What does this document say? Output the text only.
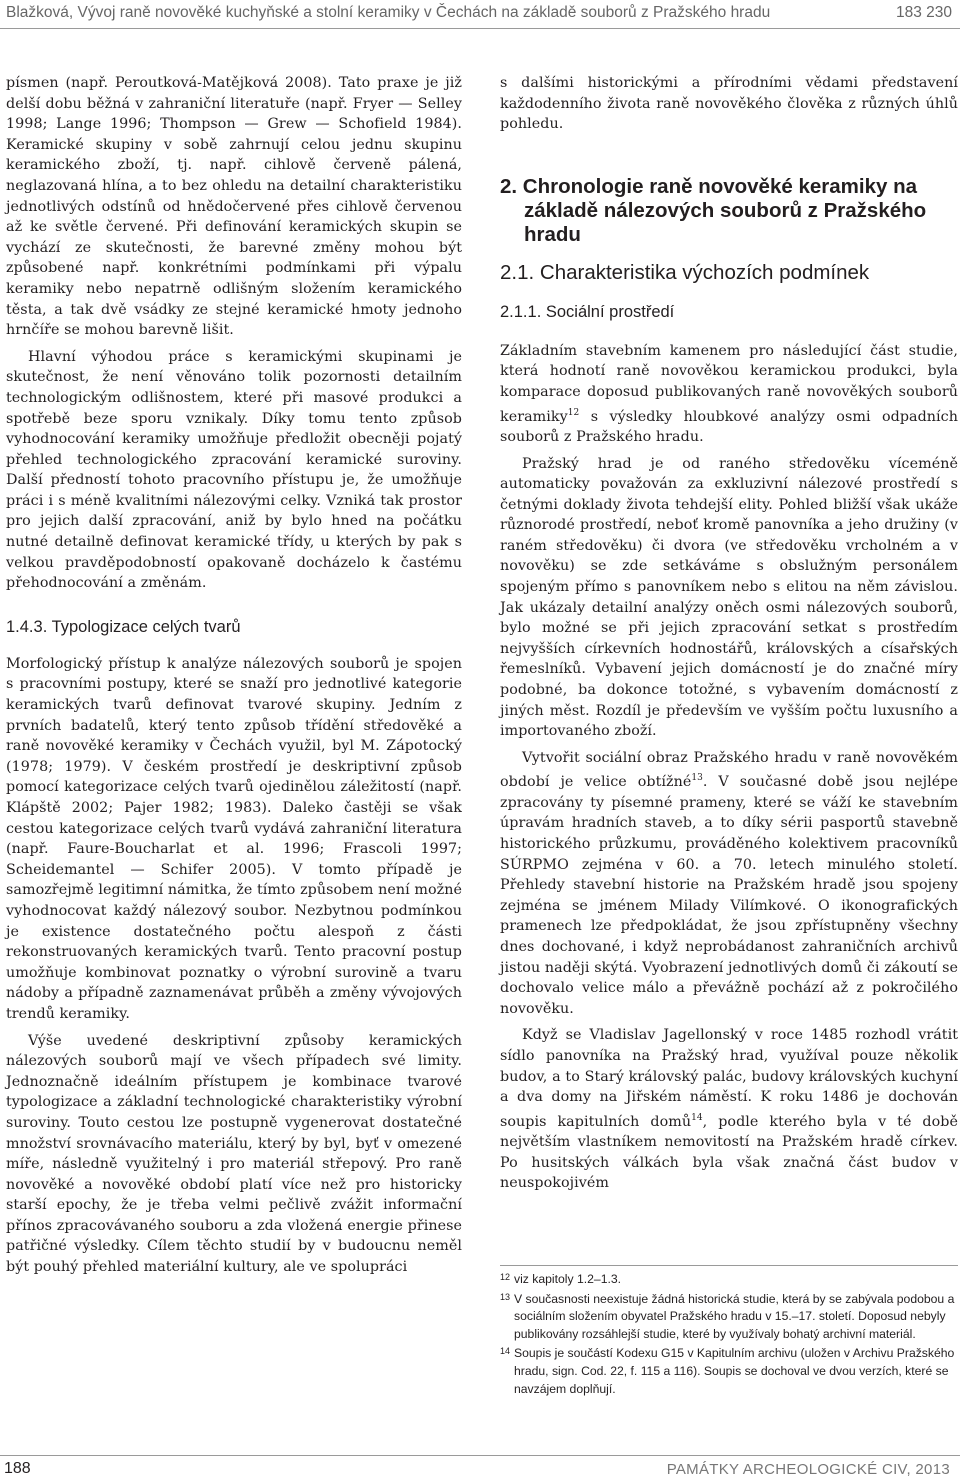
Blažková, Vývoj raně novověké kuchyňské a stolní keramiky v Čechách na základě souborů z Pražského hradu	183 230

písmen (např. Peroutková-Matějková 2008). Tato praxe je již delší dobu běžná v zahraniční literatuře (např. Fryer — Selley 1998; Lange 1996; Thompson — Grew — Schofield 1984). Keramické skupiny v sobě zahrnují celou jednu skupinu keramického zboží, tj. např. cihlově červeně pálená, neglazovaná hlína, a to bez ohledu na detailní charakteristiku jednotlivých odstínů od hnědočervené přes cihlově červenou až ke světle červené. Při definování keramických skupin se vychází ze skutečnosti, že barevné změny mohou být způsobené např. konkrétními podmínkami při výpalu keramiky nebo nepatrně odlišným složením keramického těsta, a tak dvě vsádky ze stejné keramické hmoty jednoho hrnčíře se mohou barevně lišit.

Hlavní výhodou práce s keramickými skupinami je skutečnost, že není věnováno tolik pozornosti detailním technologickým odlišnostem, které při masové produkci a spotřebě beze sporu vznikaly. Díky tomu tento způsob vyhodnocování keramiky umožňuje předložit obecněji pojatý přehled technologického zpracování keramické suroviny. Další předností tohoto pracovního přístupu je, že umožňuje práci i s méně kvalitními nálezovými celky. Vzniká tak prostor pro jejich další zpracování, aniž by bylo hned na počátku nutné detailně definovat keramické třídy, u kterých by pak s velkou pravděpodobností opakovaně docházelo k častému přehodnocování a změnám.

1.4.3. Typologizace celých tvarů

Morfologický přístup k analýze nálezových souborů je spojen s pracovními postupy, které se snaží pro jednotlivé kategorie keramických tvarů definovat tvarové skupiny. Jedním z prvních badatelů, který tento způsob třídění středověké a raně novověké keramiky v Čechách využil, byl M. Zápotocký (1978; 1979). V českém prostředí je deskriptivní způsob pomocí kategorizace celých tvarů ojedinělou záležitostí (např. Klápště 2002; Pajer 1982; 1983). Daleko častěji se však cestou kategorizace celých tvarů vydává zahraniční literatura (např. Faure-Boucharlat et al. 1996; Frascoli 1997; Scheidemantel — Schifer 2005). V tomto případě je samozřejmě legitimní námitka, že tímto způsobem není možné vyhodnocovat každý nálezový soubor. Nezbytnou podmínkou je existence dostatečného počtu alespoň z části rekonstruovaných keramických tvarů. Tento pracovní postup umožňuje kombinovat poznatky o výrobní surovině a tvaru nádoby a případně zaznamenávat průběh a změny vývojových trendů keramiky.

Výše uvedené deskriptivní způsoby keramických nálezových souborů mají ve všech případech své limity. Jednoznačně ideálním přístupem je kombinace tvarové typologizace a základní technologické charakteristiky výrobní suroviny. Touto cestou lze postupně vygenerovat dostatečné množství srovnávacího materiálu, který by byl, byť v omezené míře, následně využitelný i pro materiál střepový. Pro raně novověké a novověké období platí více než pro historicky starší epochy, že je třeba velmi pečlivě zvážit informační přínos zpracovávaného souboru a zda vložená energie přinese patřičné výsledky. Cílem těchto studií by v budoucnu neměl být pouhý přehled materiální kultury, ale ve spolupráci

s dalšími historickými a přírodními vědami představení každodenního života raně novověkého člověka z různých úhlů pohledu.

2. Chronologie raně novověké keramiky na základě nálezových souborů z Pražského hradu
2.1. Charakteristika výchozích podmínek
2.1.1. Sociální prostředí

Základním stavebním kamenem pro následující část studie, která hodnotí raně novověkou keramickou produkci, byla komparace doposud publikovaných raně novověkých souborů keramiky$^{12}$ s výsledky hloubkové analýzy osmi odpadních souborů z Pražského hradu.

Pražský hrad je od raného středověku víceméně automaticky považován za exkluzivní nálezové prostředí s četnými doklady života tehdejší elity. Pohled bližší však ukáže různorodé prostředí, neboť kromě panovníka a jeho družiny (v raném středověku) či dvora (ve středověku vrcholném a v novověku) se zde setkáváme s obslužným personálem spojeným přímo s panovníkem nebo s elitou na něm závislou. Jak ukázaly detailní analýzy oněch osmi nálezových souborů, bylo možné se při jejich zpracování setkat s prostředím nejvyšších církevních hodnostářů, královských a císařských řemeslníků. Vybavení jejich domácností je do značné míry podobné, ba dokonce totožné, s vybavením domácností z jiných měst. Rozdíl je především ve vyšším počtu luxusního a importovaného zboží.

Vytvořit sociální obraz Pražského hradu v raně novověkém období je velice obtížné$^{13}$. V současné době jsou nejlépe zpracovány ty písemné prameny, které se váží ke stavebním úpravám hradních staveb, a to díky sérii pasportů stavebně historického průzkumu, prováděného kolektivem pracovníků SÚRPMO zejména v 60. a 70. letech minulého století. Přehledy stavební historie na Pražském hradě jsou spojeny zejména se jménem Milady Vilímkové. O ikonografických pramenech lze předpokládat, že jsou zpřístupněny všechny dnes dochované, i když neprobádanost zahraničních archivů jistou naději skýtá. Vyobrazení jednotlivých domů či zákoutí se dochovalo velice málo a převážně pochází až z pokročilého novověku.

Když se Vladislav Jagellonský v roce 1485 rozhodl vrátit sídlo panovníka na Pražský hrad, využíval pouze několik budov, a to Starý královský palác, budovy královských kuchyní a dva domy na Jiřském náměstí. K roku 1486 je dochován soupis kapitulních domů$^{14}$, podle kterého byla v té době největším vlastníkem nemovitostí na Pražském hradě církev. Po husitských válkách byla však značná část budov v neuspokojivém

12 viz kapitoly 1.2–1.3.
13 V současnosti neexistuje žádná historická studie, která by se zabývala podobou a sociálním složením obyvatel Pražského hradu v 15.–17. století. Doposud nebyly publikovány rozsáhlejší studie, které by využívaly bohatý archivní materiál.
14 Soupis je součástí Kodexu G15 v Kapitulním archivu (uložen v Archivu Pražského hradu, sign. Cod. 22, f. 115 a 116). Soupis se dochoval ve dvou verzích, které se navzájem doplňují.
188	PAMÁTKY ARCHEOLOGICKÉ CIV, 2013
